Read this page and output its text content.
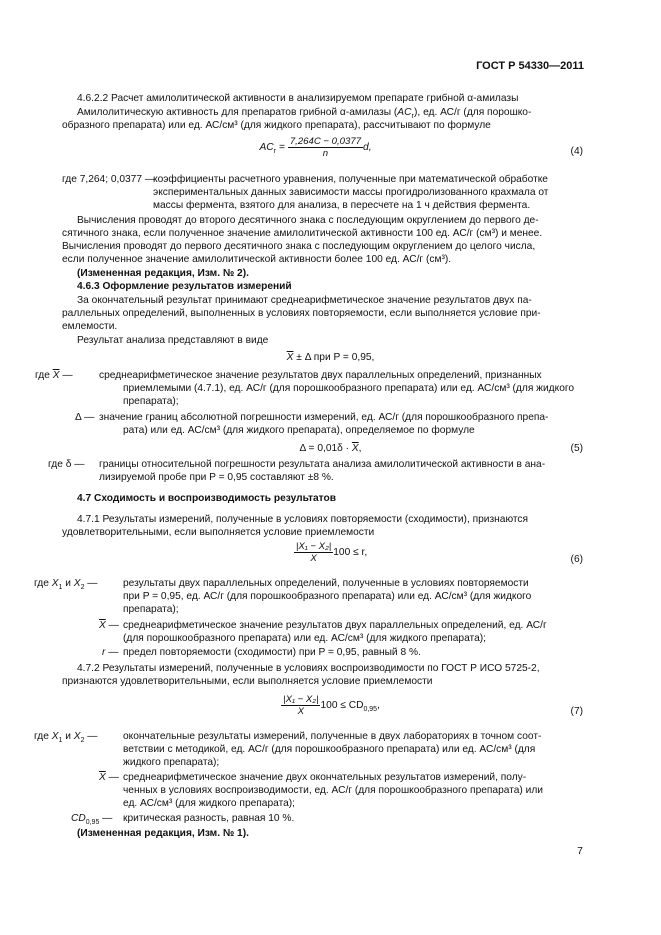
ГОСТ Р 54330—2011
4.6.2.2 Расчет амилолитической активности в анализируемом препарате грибной α-амилазы
Амилолитическую активность для препаратов грибной α-амилазы $(AC_г)$, ед. АС/г (для порошко-
образного препарата) или ед. АС/см³ (для жидкого препарата), рассчитывают по формуле
$AC_г = \frac{7,264C - 0,0377}{n} d$,	(4)
где 7,264; 0,0377 —
коэффициенты расчетного уравнения, полученные при математической обработке
экспериментальных данных зависимости массы прогидролизованного крахмала от
массы фермента, взятого для анализа, в пересчете на 1 ч действия фермента.
Вычисления проводят до второго десятичного знака с последующим округлением до первого де-
сятичного знака, если полученное значение амилолитической активности 100 ед. АС/г (см³) и менее.
Вычисления проводят до первого десятичного знака с последующим округлением до целого числа,
если полученное значение амилолитической активности более 100 ед. АС/г (см³).
(Измененная редакция, Изм. № 2).
4.6.3 Оформление результатов измерений
За окончательный результат принимают среднеарифметическое значение результатов двух па-
раллельных определений, выполненных в условиях повторяемости, если выполняется условие при-
емлемости.
Результат анализа представляют в виде
$\overline{X} \pm \Delta$ при P = 0,95,
где $\overline{X}$ —	среднеарифметическое значение результатов двух параллельных определений, признанных
приемлемыми (4.7.1), ед. АС/г (для порошкообразного препарата) или ед. АС/см³ (для жидкого
препарата);
Δ — значение границ абсолютной погрешности измерений, ед. АС/г (для порошкообразного препа-
рата) или ед. АС/см³ (для жидкого препарата), определяемое по формуле
$\Delta = 0,01\delta \cdot \overline{X}$,	(5)
где δ — границы относительной погрешности результата анализа амилолитической активности в ана-
лизируемой пробе при P = 0,95 составляют ±8 %.
4.7 Сходимость и воспроизводимость результатов
4.7.1 Результаты измерений, полученные в условиях повторяемости (сходимости), признаются
удовлетворительными, если выполняется условие приемлемости
$\frac{\text{|X₁ − X₂|}}{X} 100 \le r$,
(6)
где $X_1$ и $X_2$ —	результаты двух параллельных определений, полученные в условиях повторяемости
при P = 0,95, ед. АС/г (для порошкообразного препарата) или ед. АС/см³ (для жидкого
препарата);
$\overline{X}$ — среднеарифметическое значение результатов двух параллельных определений, ед. АС/г
(для порошкообразного препарата) или ед. АС/см³ (для жидкого препарата);
r — предел повторяемости (сходимости) при P = 0,95, равный 8 %.
4.7.2 Результаты измерений, полученные в условиях воспроизводимости по ГОСТ Р ИСО 5725-2,
признаются удовлетворительными, если выполняется условие приемлемости
$\frac{\text{|X₁ − X₂|}}{X} 100 \le CD_{0,95}$,
(7)
где $X_1$ и $X_2$ —	окончательные результаты измерений, полученные в двух лабораториях в точном соот-
ветствии с методикой, ед. АС/г (для порошкообразного препарата) или ед. АС/см³ (для
жидкого препарата);
$\overline{X}$ — среднеарифметическое значение двух окончательных результатов измерений, полу-
ченных в условиях воспроизводимости, ед. АС/г (для порошкообразного препарата) или
ед. АС/см³ (для жидкого препарата);
$CD_{0,95}$ — критическая разность, равная 10 %.
(Измененная редакция, Изм. № 1).
7
